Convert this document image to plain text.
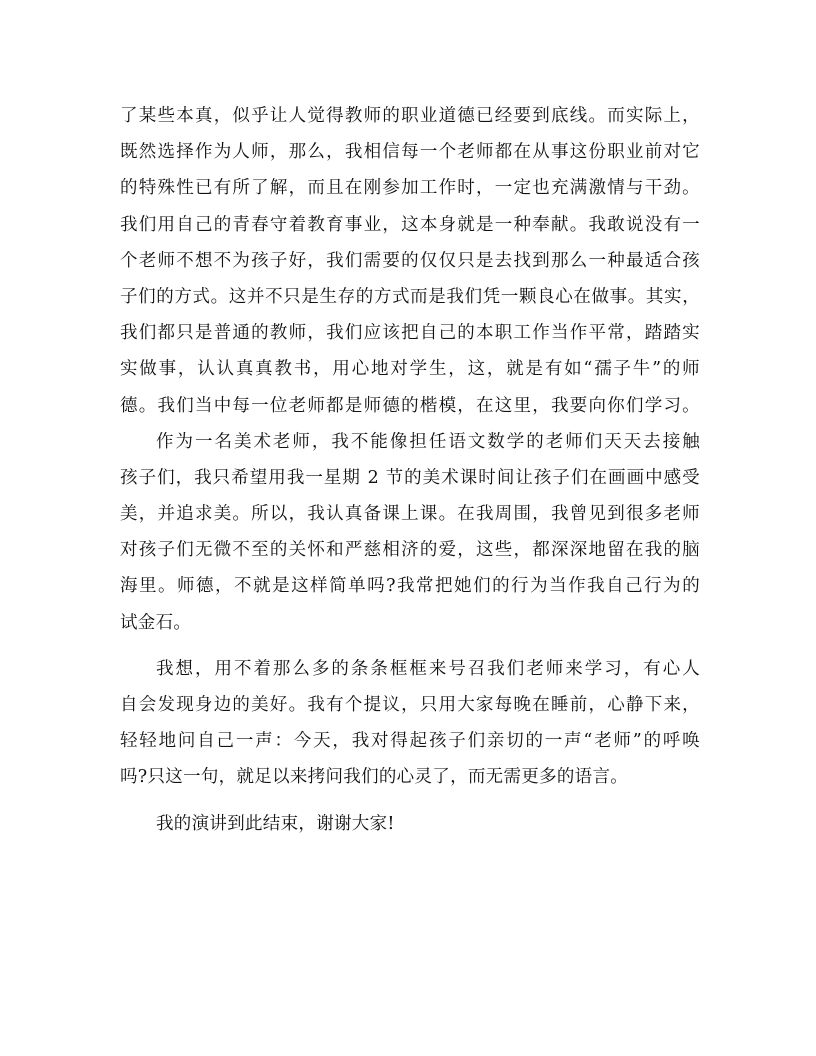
了某些本真，似乎让人觉得教师的职业道德已经要到底线。而实际上，
既然选择作为人师，那么，我相信每一个老师都在从事这份职业前对它
的特殊性已有所了解，而且在刚参加工作时，一定也充满激情与干劲。
我们用自己的青春守着教育事业，这本身就是一种奉献。我敢说没有一
个老师不想不为孩子好，我们需要的仅仅只是去找到那么一种最适合孩
子们的方式。这并不只是生存的方式而是我们凭一颗良心在做事。其实，
我们都只是普通的教师，我们应该把自己的本职工作当作平常，踏踏实
实做事，认认真真教书，用心地对学生，这，就是有如“孺子牛”的师
德。我们当中每一位老师都是师德的楷模，在这里，我要向你们学习。
作为一名美术老师，我不能像担任语文数学的老师们天天去接触
孩子们，我只希望用我一星期 2 节的美术课时间让孩子们在画画中感受
美，并追求美。所以，我认真备课上课。在我周围，我曾见到很多老师
对孩子们无微不至的关怀和严慈相济的爱，这些，都深深地留在我的脑
海里。师德，不就是这样简单吗?我常把她们的行为当作我自己行为的
试金石。
我想，用不着那么多的条条框框来号召我们老师来学习，有心人
自会发现身边的美好。我有个提议，只用大家每晚在睡前，心静下来，
轻轻地问自己一声：今天，我对得起孩子们亲切的一声“老师”的呼唤
吗?只这一句，就足以来拷问我们的心灵了，而无需更多的语言。
我的演讲到此结束，谢谢大家!
